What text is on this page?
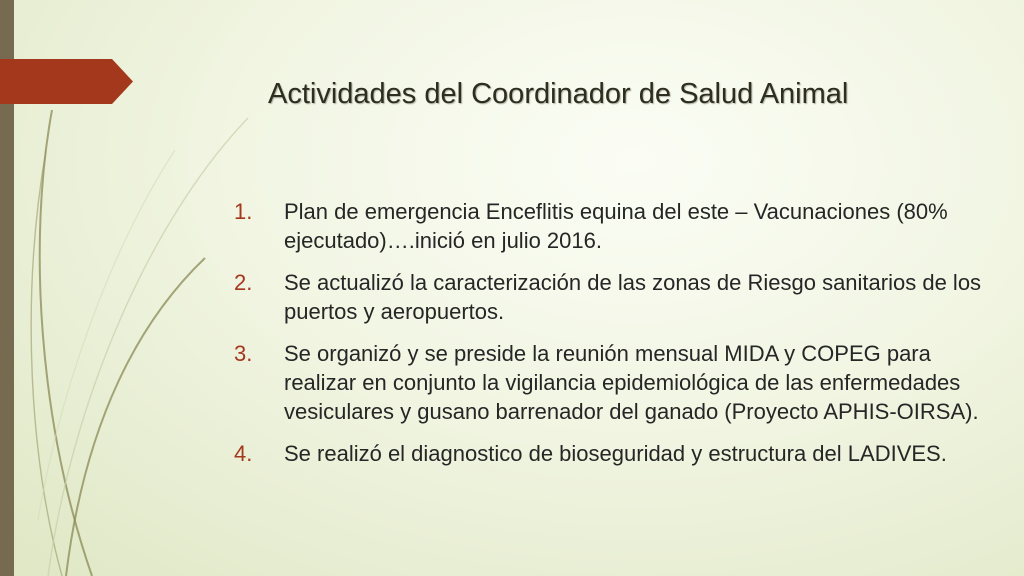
Actividades del Coordinador de Salud Animal
1.	Plan de emergencia Enceflitis equina del este – Vacunaciones (80% ejecutado)….inició en julio 2016.
2.	Se actualizó la caracterización de las zonas de Riesgo sanitarios de los puertos y aeropuertos.
3.	Se organizó y se preside la reunión mensual MIDA y COPEG para realizar en conjunto la vigilancia epidemiológica de las enfermedades vesiculares y gusano barrenador del ganado (Proyecto APHIS-OIRSA).
4.	Se realizó el diagnostico de bioseguridad y estructura del LADIVES.
